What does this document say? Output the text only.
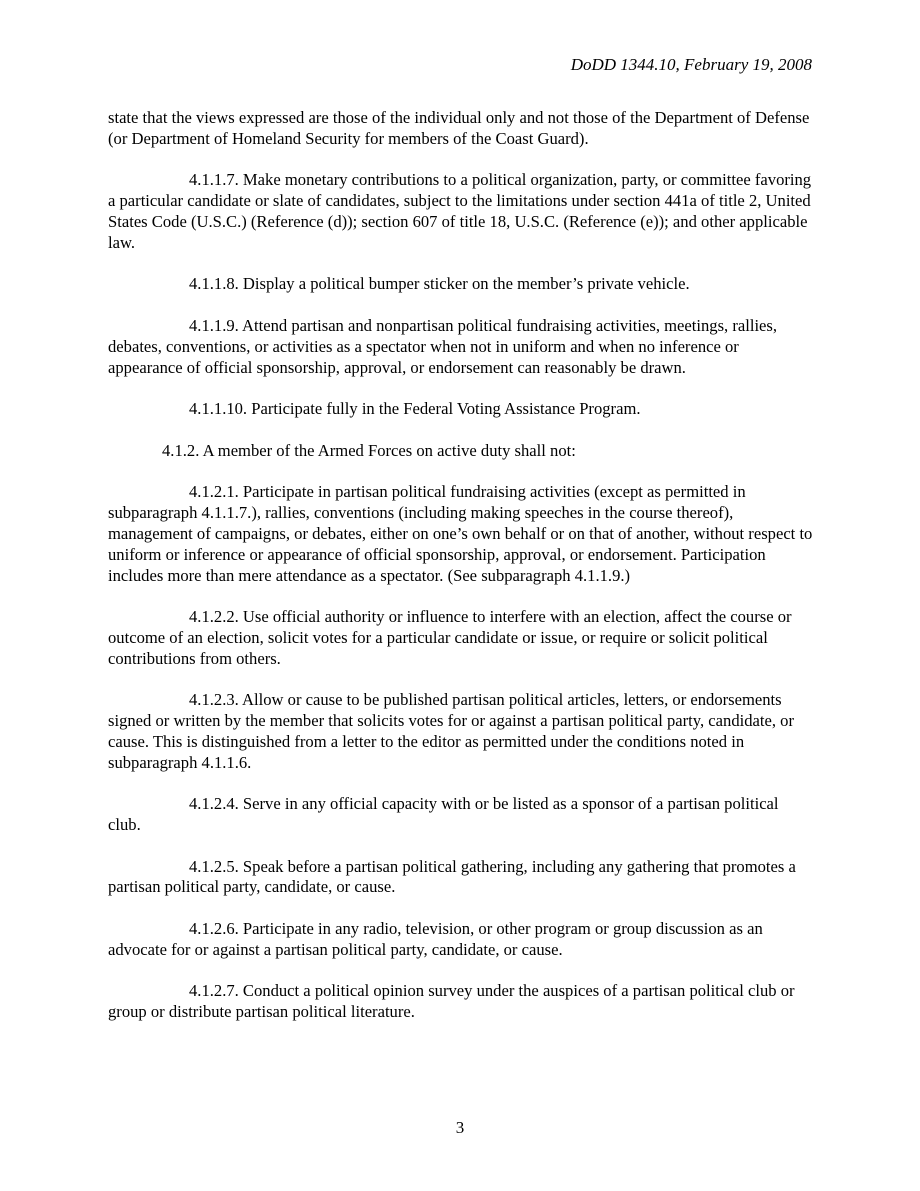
DoDD 1344.10, February 19, 2008

state that the views expressed are those of the individual only and not those of the Department of Defense (or Department of Homeland Security for members of the Coast Guard).

4.1.1.7. Make monetary contributions to a political organization, party, or committee favoring a particular candidate or slate of candidates, subject to the limitations under section 441a of title 2, United States Code (U.S.C.) (Reference (d)); section 607 of title 18, U.S.C. (Reference (e)); and other applicable law.

4.1.1.8. Display a political bumper sticker on the member’s private vehicle.

4.1.1.9. Attend partisan and nonpartisan political fundraising activities, meetings, rallies, debates, conventions, or activities as a spectator when not in uniform and when no inference or appearance of official sponsorship, approval, or endorsement can reasonably be drawn.

4.1.1.10. Participate fully in the Federal Voting Assistance Program.

4.1.2. A member of the Armed Forces on active duty shall not:

4.1.2.1. Participate in partisan political fundraising activities (except as permitted in subparagraph 4.1.1.7.), rallies, conventions (including making speeches in the course thereof), management of campaigns, or debates, either on one’s own behalf or on that of another, without respect to uniform or inference or appearance of official sponsorship, approval, or endorsement. Participation includes more than mere attendance as a spectator. (See subparagraph 4.1.1.9.)

4.1.2.2. Use official authority or influence to interfere with an election, affect the course or outcome of an election, solicit votes for a particular candidate or issue, or require or solicit political contributions from others.

4.1.2.3. Allow or cause to be published partisan political articles, letters, or endorsements signed or written by the member that solicits votes for or against a partisan political party, candidate, or cause. This is distinguished from a letter to the editor as permitted under the conditions noted in subparagraph 4.1.1.6.

4.1.2.4. Serve in any official capacity with or be listed as a sponsor of a partisan political club.

4.1.2.5. Speak before a partisan political gathering, including any gathering that promotes a partisan political party, candidate, or cause.

4.1.2.6. Participate in any radio, television, or other program or group discussion as an advocate for or against a partisan political party, candidate, or cause.

4.1.2.7. Conduct a political opinion survey under the auspices of a partisan political club or group or distribute partisan political literature.

3
